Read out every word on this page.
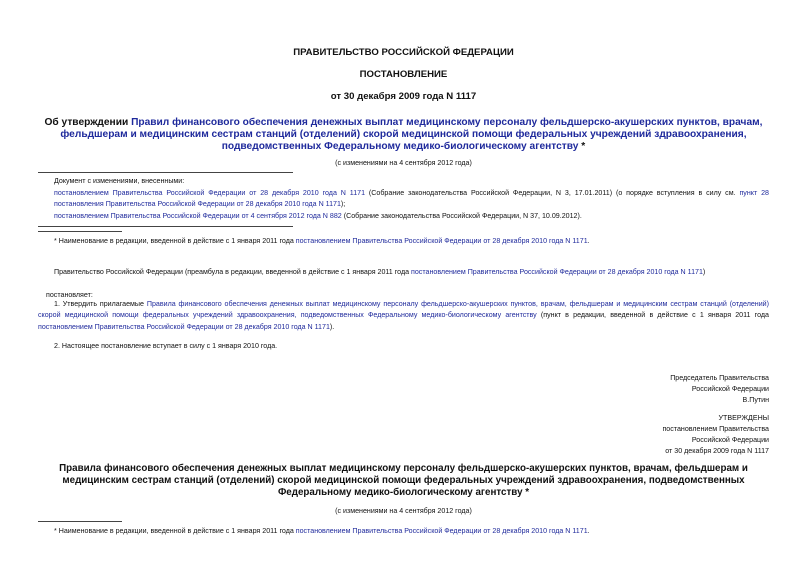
ПРАВИТЕЛЬСТВО РОССИЙСКОЙ ФЕДЕРАЦИИ
ПОСТАНОВЛЕНИЕ
от 30 декабря 2009 года N 1117
Об утверждении Правил финансового обеспечения денежных выплат медицинскому персоналу фельдшерско-акушерских пунктов, врачам, фельдшерам и медицинским сестрам станций (отделений) скорой медицинской помощи федеральных учреждений здравоохранения, подведомственных Федеральному медико-биологическому агентству *
(с изменениями на 4 сентября 2012 года)
Документ с изменениями, внесенными:
постановлением Правительства Российской Федерации от 28 декабря 2010 года N 1171 (Собрание законодательства Российской Федерации, N 3, 17.01.2011) (о порядке вступления в силу см. пункт 28 постановления Правительства Российской Федерации от 28 декабря 2010 года N 1171);
постановлением Правительства Российской Федерации от 4 сентября 2012 года N 882 (Собрание законодательства Российской Федерации, N 37, 10.09.2012).
* Наименование в редакции, введенной в действие с 1 января 2011 года постановлением Правительства Российской Федерации от 28 декабря 2010 года N 1171.
Правительство Российской Федерации (преамбула в редакции, введенной в действие с 1 января 2011 года постановлением Правительства Российской Федерации от 28 декабря 2010 года N 1171)
постановляет:
1. Утвердить прилагаемые Правила финансового обеспечения денежных выплат медицинскому персоналу фельдшерско-акушерских пунктов, врачам, фельдшерам и медицинским сестрам станций (отделений) скорой медицинской помощи федеральных учреждений здравоохранения, подведомственных Федеральному медико-биологическому агентству (пункт в редакции, введенной в действие с 1 января 2011 года постановлением Правительства Российской Федерации от 28 декабря 2010 года N 1171).
2. Настоящее постановление вступает в силу с 1 января 2010 года.
Председатель Правительства
Российской Федерации
В.Путин
УТВЕРЖДЕНЫ
постановлением Правительства
Российской Федерации
от 30 декабря 2009 года N 1117
Правила финансового обеспечения денежных выплат медицинскому персоналу фельдшерско-акушерских пунктов, врачам, фельдшерам и медицинским сестрам станций (отделений) скорой медицинской помощи федеральных учреждений здравоохранения, подведомственных Федеральному медико-биологическому агентству *
(с изменениями на 4 сентября 2012 года)
* Наименование в редакции, введенной в действие с 1 января 2011 года постановлением Правительства Российской Федерации от 28 декабря 2010 года N 1171.
